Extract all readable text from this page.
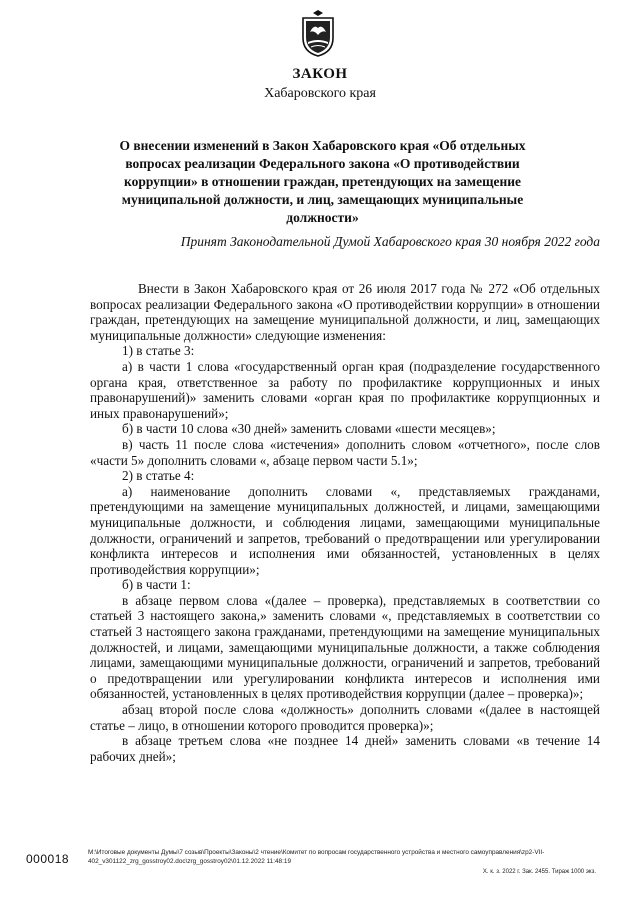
ЗАКОН
Хабаровского края
О внесении изменений в Закон Хабаровского края «Об отдельных вопросах реализации Федерального закона «О противодействии коррупции» в отношении граждан, претендующих на замещение муниципальной должности, и лиц, замещающих муниципальные должности»
Принят Законодательной Думой Хабаровского края 30 ноября 2022 года

Внести в Закон Хабаровского края от 26 июля 2017 года № 272 «Об отдельных вопросах реализации Федерального закона «О противодействии коррупции» в отношении граждан, претендующих на замещение муниципальной должности, и лиц, замещающих муниципальные должности» следующие изменения:

1) в статье 3:

а) в части 1 слова «государственный орган края (подразделение государственного органа края, ответственное за работу по профилактике коррупционных и иных правонарушений)» заменить словами «орган края по профилактике коррупционных и иных правонарушений»;

б) в части 10 слова «30 дней» заменить словами «шести месяцев»;

в) часть 11 после слова «истечения» дополнить словом «отчетного», после слов «части 5» дополнить словами «, абзаце первом части 5.1»;

2) в статье 4:

а) наименование дополнить словами «, представляемых гражданами, претендующими на замещение муниципальных должностей, и лицами, замещающими муниципальные должности, и соблюдения лицами, замещающими муниципальные должности, ограничений и запретов, требований о предотвращении или урегулировании конфликта интересов и исполнения ими обязанностей, установленных в целях противодействия коррупции»;

б) в части 1:

в абзаце первом слова «(далее – проверка), представляемых в соответствии со статьей 3 настоящего закона,» заменить словами «, представляемых в соответствии со статьей 3 настоящего закона гражданами, претендующими на замещение муниципальных должностей, и лицами, замещающими муниципальные должности, а также соблюдения лицами, замещающими муниципальные должности, ограничений и запретов, требований о предотвращении или урегулировании конфликта интересов и исполнения ими обязанностей, установленных в целях противодействия коррупции (далее – проверка)»;

абзац второй после слова «должность» дополнить словами «(далее в настоящей статье – лицо, в отношении которого проводится проверка)»;

в абзаце третьем слова «не позднее 14 дней» заменить словами «в течение 14 рабочих дней»;

000018	M:\Итоговые документы Думы\7 созыв\Проекты\Законы\2 чтение\Комитет по вопросам государственного устройства и местного самоуправления\zp2-VII-402_v301122_zrg_gosstroy02.doc\zrg_gosstroy02\01.12.2022 11:48:19
Х. к. з. 2022 г. Зак. 2455. Тираж 1000 экз.
